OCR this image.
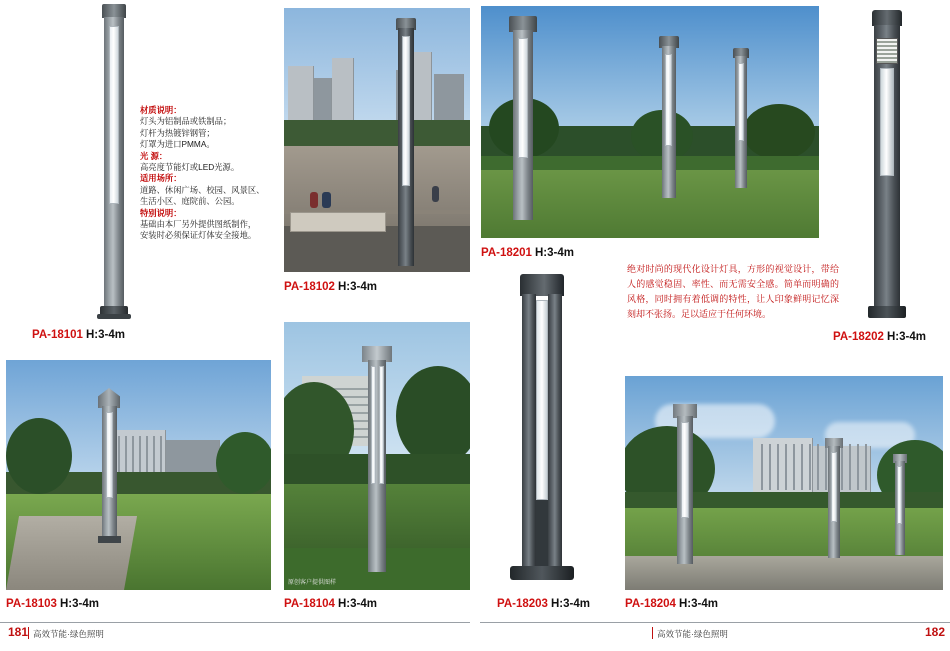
PA-18101 H:3-4m
材质说明：
灯头为铝制品或铁制品；
灯杆为热镀锌钢管；
灯罩为进口PMMA。
光 源：
高亮度节能灯或LED光源。
适用场所：
道路、休闲广场、校园、风景区、
生活小区、庭院前、公园。
特别说明：
基础由本厂另外提供图纸制作，
安装时必须保证灯体安全接地。
PA-18102 H:3-4m
PA-18201 H:3-4m
PA-18202 H:3-4m
绝对时尚的现代化设计灯具，方形的视觉设计，带给人的感觉稳固、率性、而无需安全感。简单而明确的风格，同时拥有着低调的特性，让人印象鲜明记忆深刻却不张扬。足以适应于任何环境。
PA-18103 H:3-4m
原创客户提供图样
PA-18104 H:3-4m	PA-18203 H:3-4m	PA-18204 H:3-4m
181 高效节能·绿色照明	高效节能·绿色照明	182
